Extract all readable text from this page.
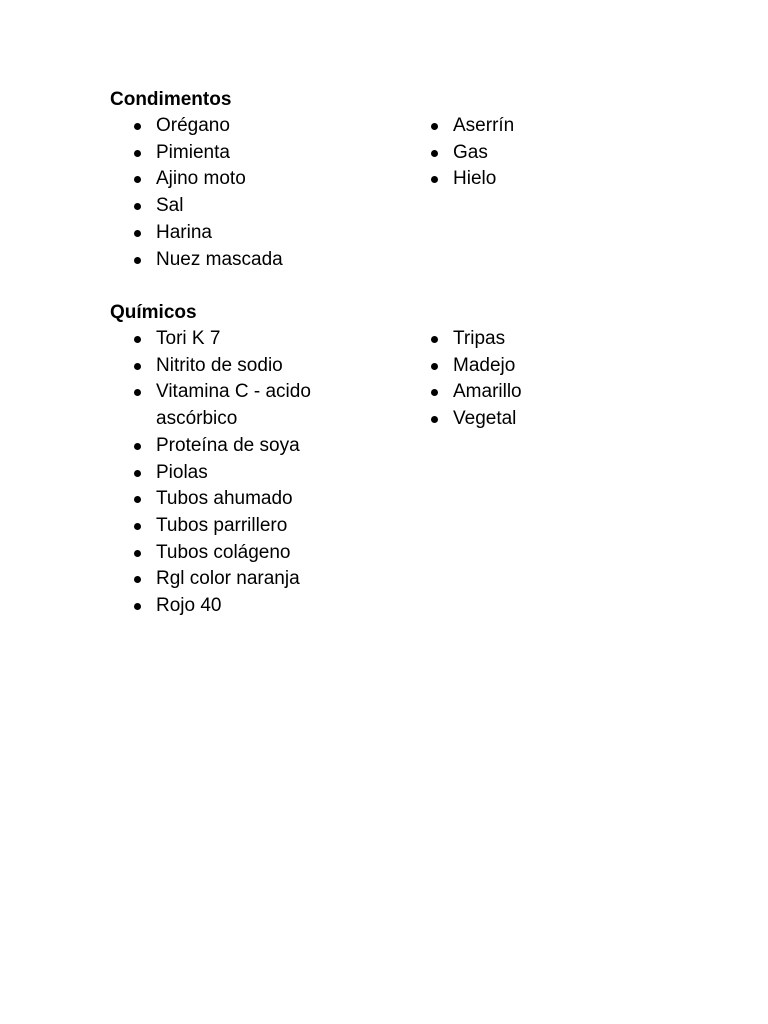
Condimentos
Orégano
Pimienta
Ajino moto
Sal
Harina
Nuez mascada
Aserrín
Gas
Hielo
Químicos
Tori K 7
Nitrito de sodio
Vitamina C - acido ascórbico
Proteína de soya
Piolas
Tubos ahumado
Tubos parrillero
Tubos colágeno
Rgl color naranja
Rojo 40
Tripas
Madejo
Amarillo
Vegetal
